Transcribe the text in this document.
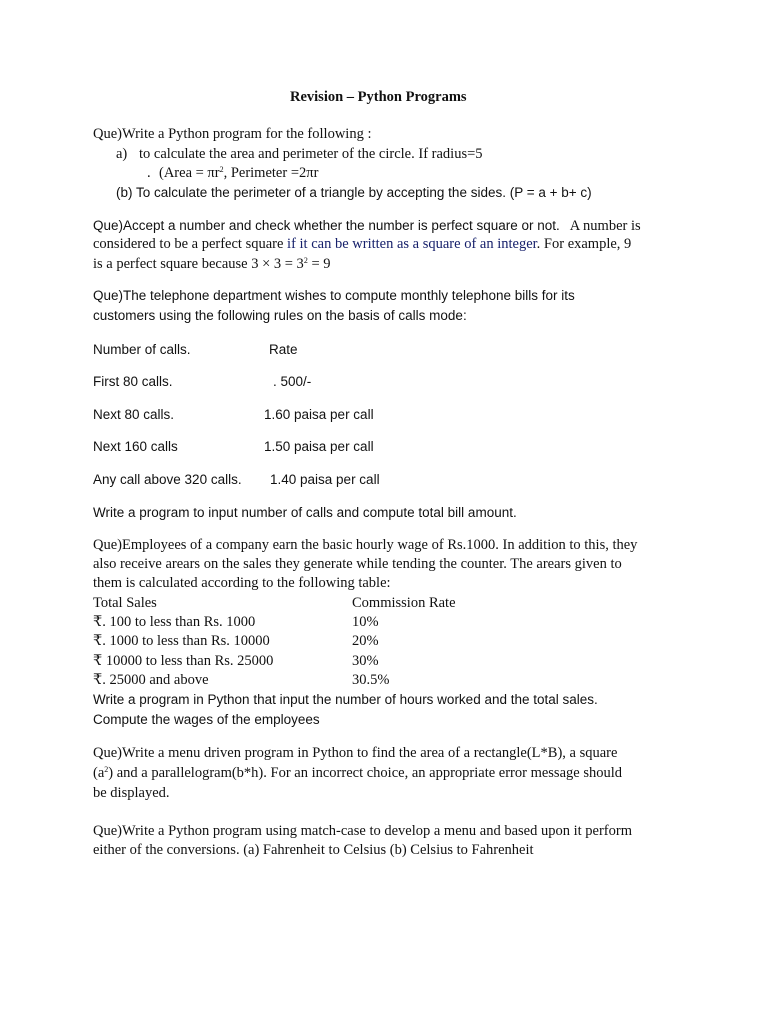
Revision – Python Programs
Que)Write a Python program for the following :
a) to calculate the area and perimeter of the circle. If radius=5
. (Area = $\pi r^2$, Perimeter =2πr
(b) To calculate the perimeter of a triangle by accepting the sides. (P = a + b+ c)
Que)Accept a number and check whether the number is perfect square or not. A number is
considered to be a perfect square if it can be written as a square of an integer. For example, 9
is a perfect square because $3 \times 3 = 3^2 = 9$
Que)The telephone department wishes to compute monthly telephone bills for its
customers using the following rules on the basis of calls mode:
Number of calls.	Rate
First 80 calls.	. 500/-
Next 80 calls.	1.60 paisa per call
Next 160 calls	1.50 paisa per call
Any call above 320 calls. 1.40 paisa per call
Write a program to input number of calls and compute total bill amount.
Que)Employees of a company earn the basic hourly wage of Rs.1000. In addition to this, they
also receive arears on the sales they generate while tending the counter. The arears given to
them is calculated according to the following table:
Total Sales	Commission Rate
₹. 100 to less than Rs. 1000	10%
₹. 1000 to less than Rs. 10000	20%
₹ 10000 to less than Rs. 25000	30%
₹. 25000 and above	30.5%
Write a program in Python that input the number of hours worked and the total sales.
Compute the wages of the employees
Que)Write a menu driven program in Python to find the area of a rectangle(L*B), a square
$(a^2)$ and a parallelogram(b*h). For an incorrect choice, an appropriate error message should
be displayed.
Que)Write a Python program using match-case to develop a menu and based upon it perform
either of the conversions. (a) Fahrenheit to Celsius (b) Celsius to Fahrenheit
